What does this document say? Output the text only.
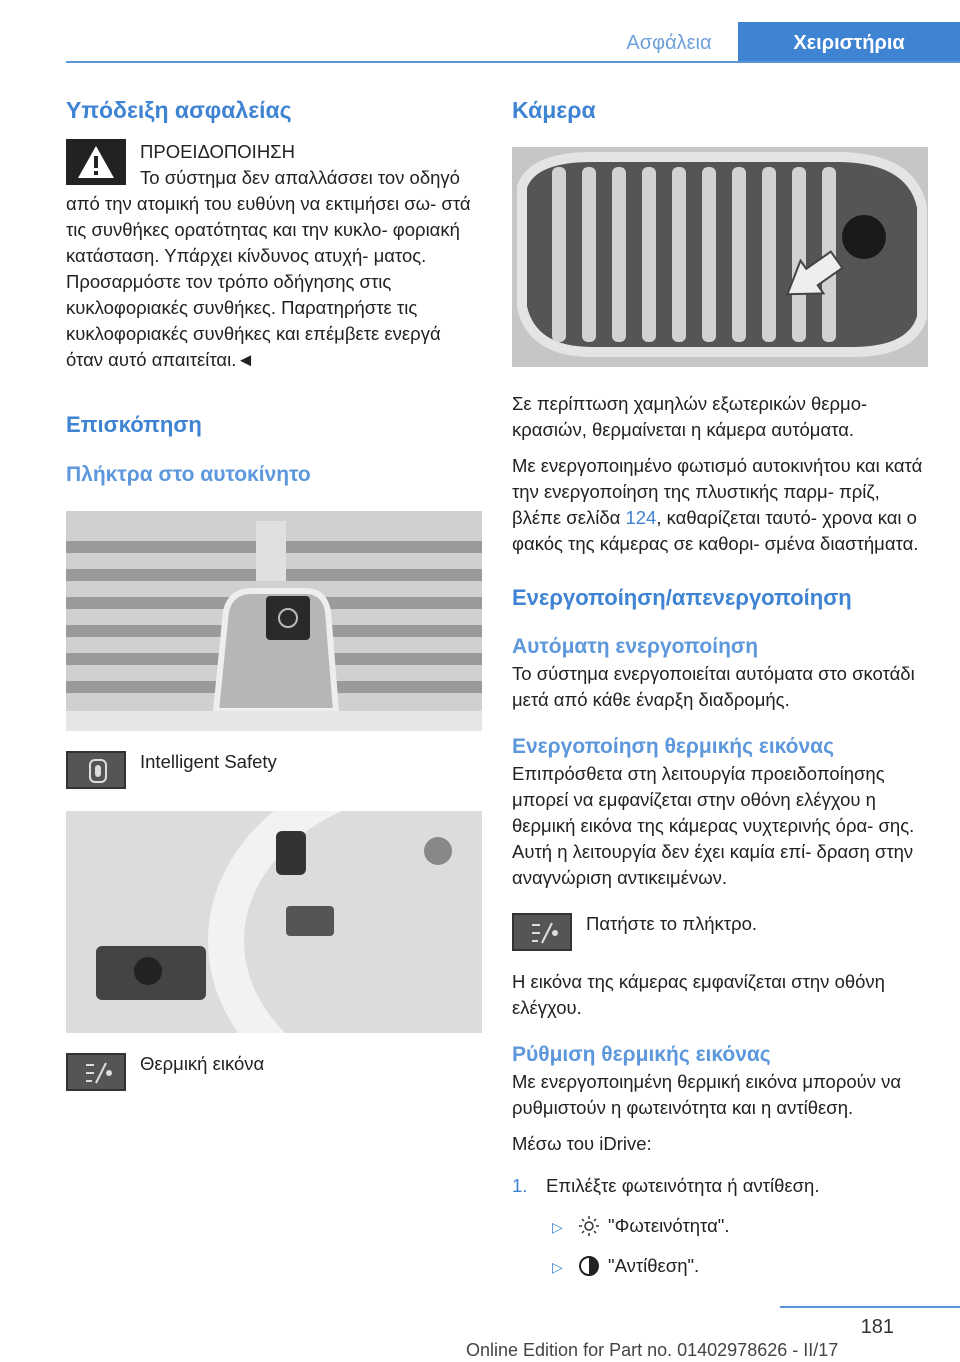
Ασφάλεια	Χειριστήρια
Υπόδειξη ασφαλείας
ΠΡΟΕΙΔΟΠΟΙΗΣΗ
Το σύστημα δεν απαλλάσσει τον οδηγό
από την ατομική του ευθύνη να εκτιμήσει σω- στά τις συνθήκες ορατότητας και την κυκλο- φοριακή κατάσταση. Υπάρχει κίνδυνος ατυχή- ματος. Προσαρμόστε τον τρόπο οδήγησης στις κυκλοφοριακές συνθήκες. Παρατηρήστε τις κυκλοφοριακές συνθήκες και επέμβετε ενεργά όταν αυτό απαιτείται.◄
Επισκόπηση
Πλήκτρα στο αυτοκίνητο
Intelligent Safety
Θερμική εικόνα
Κάμερα

Σε περίπτωση χαμηλών εξωτερικών θερμο- κρασιών, θερμαίνεται η κάμερα αυτόματα.

Με ενεργοποιημένο φωτισμό αυτοκινήτου και κατά την ενεργοποίηση της πλυστικής παρμ- πρίζ, βλέπε σελίδα 124, καθαρίζεται ταυτό- χρονα και ο φακός της κάμερας σε καθορι- σμένα διαστήματα.

Ενεργοποίηση/απενεργοποίηση
Αυτόματη ενεργοποίηση

Το σύστημα ενεργοποιείται αυτόματα στο σκοτάδι μετά από κάθε έναρξη διαδρομής.

Ενεργοποίηση θερμικής εικόνας

Επιπρόσθετα στη λειτουργία προειδοποίησης μπορεί να εμφανίζεται στην οθόνη ελέγχου η θερμική εικόνα της κάμερας νυχτερινής όρα- σης. Αυτή η λειτουργία δεν έχει καμία επί- δραση στην αναγνώριση αντικειμένων.

Πατήστε το πλήκτρο.

Η εικόνα της κάμερας εμφανίζεται στην οθόνη ελέγχου.

Ρύθμιση θερμικής εικόνας

Με ενεργοποιημένη θερμική εικόνα μπορούν να ρυθμιστούν η φωτεινότητα και η αντίθεση.

Μέσω του iDrive:

1. Επιλέξτε φωτεινότητα ή αντίθεση.
▷ "Φωτεινότητα".
▷ "Αντίθεση".
181
Online Edition for Part no. 01402978626 - II/17
